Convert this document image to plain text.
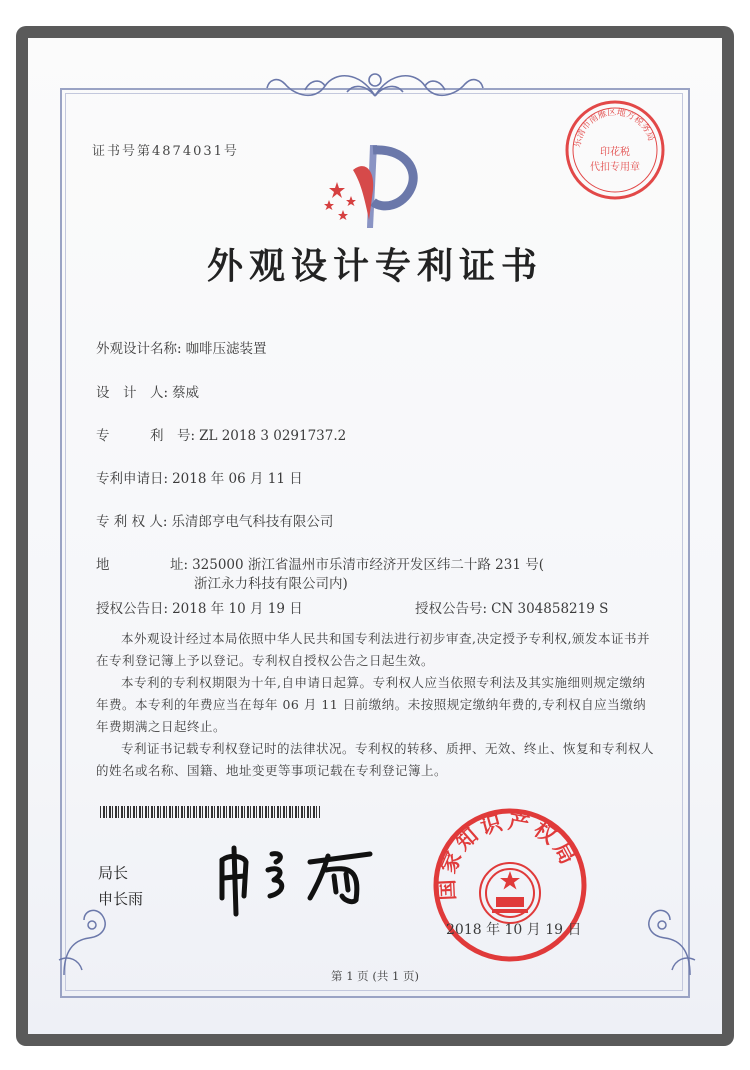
证书号第4874031号
乐清市南雁区地方税务局
印花税
代扣专用章
外观设计专利证书
外观设计名称: 咖啡压滤装置
设　计　人: 蔡威
专　　　利　号: ZL 2018 3 0291737.2
专利申请日: 2018 年 06 月 11 日
专 利 权 人: 乐清郎亨电气科技有限公司
地	址: 325000 浙江省温州市乐清市经济开发区纬二十路 231 号(
浙江永力科技有限公司内)
授权公告日: 2018 年 10 月 19 日	授权公告号: CN 304858219 S
本外观设计经过本局依照中华人民共和国专利法进行初步审查,决定授予专利权,颁发本证书并在专利登记簿上予以登记。专利权自授权公告之日起生效。
本专利的专利权期限为十年,自申请日起算。专利权人应当依照专利法及其实施细则规定缴纳年费。本专利的年费应当在每年 06 月 11 日前缴纳。未按照规定缴纳年费的,专利权自应当缴纳年费期满之日起终止。
专利证书记载专利权登记时的法律状况。专利权的转移、质押、无效、终止、恢复和专利权人的姓名或名称、国籍、地址变更等事项记载在专利登记簿上。
局长
申长雨	国家知识产权局
2018 年 10 月 19 日
第 1 页 (共 1 页)
